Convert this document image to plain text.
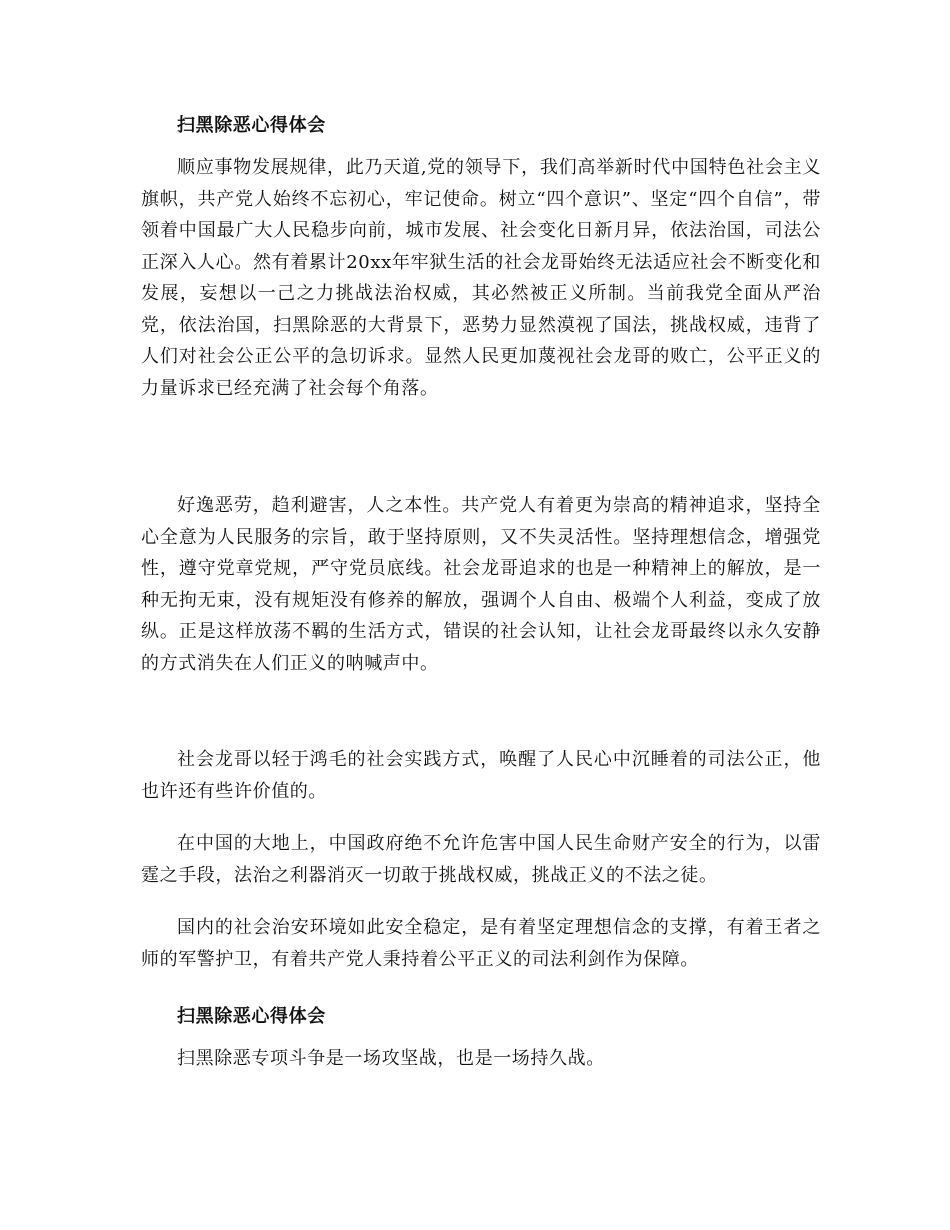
扫黑除恶心得体会

顺应事物发展规律，此乃天道,党的领导下，我们高举新时代中国特色社会主义旗帜，共产党人始终不忘初心，牢记使命。树立“四个意识”、坚定“四个自信”，带领着中国最广大人民稳步向前，城市发展、社会变化日新月异，依法治国，司法公正深入人心。然有着累计20xx年牢狱生活的社会龙哥始终无法适应社会不断变化和发展，妄想以一己之力挑战法治权威，其必然被正义所制。当前我党全面从严治党，依法治国，扫黑除恶的大背景下，恶势力显然漠视了国法，挑战权威，违背了人们对社会公正公平的急切诉求。显然人民更加蔑视社会龙哥的败亡，公平正义的力量诉求已经充满了社会每个角落。

好逸恶劳，趋利避害，人之本性。共产党人有着更为崇高的精神追求，坚持全心全意为人民服务的宗旨，敢于坚持原则，又不失灵活性。坚持理想信念，增强党性，遵守党章党规，严守党员底线。社会龙哥追求的也是一种精神上的解放，是一种无拘无束，没有规矩没有修养的解放，强调个人自由、极端个人利益，变成了放纵。正是这样放荡不羁的生活方式，错误的社会认知，让社会龙哥最终以永久安静的方式消失在人们正义的呐喊声中。

社会龙哥以轻于鸿毛的社会实践方式，唤醒了人民心中沉睡着的司法公正，他也许还有些许价值的。

在中国的大地上，中国政府绝不允许危害中国人民生命财产安全的行为，以雷霆之手段，法治之利器消灭一切敢于挑战权威，挑战正义的不法之徒。

国内的社会治安环境如此安全稳定，是有着坚定理想信念的支撑，有着王者之师的军警护卫，有着共产党人秉持着公平正义的司法利剑作为保障。

扫黑除恶心得体会

扫黑除恶专项斗争是一场攻坚战，也是一场持久战。
